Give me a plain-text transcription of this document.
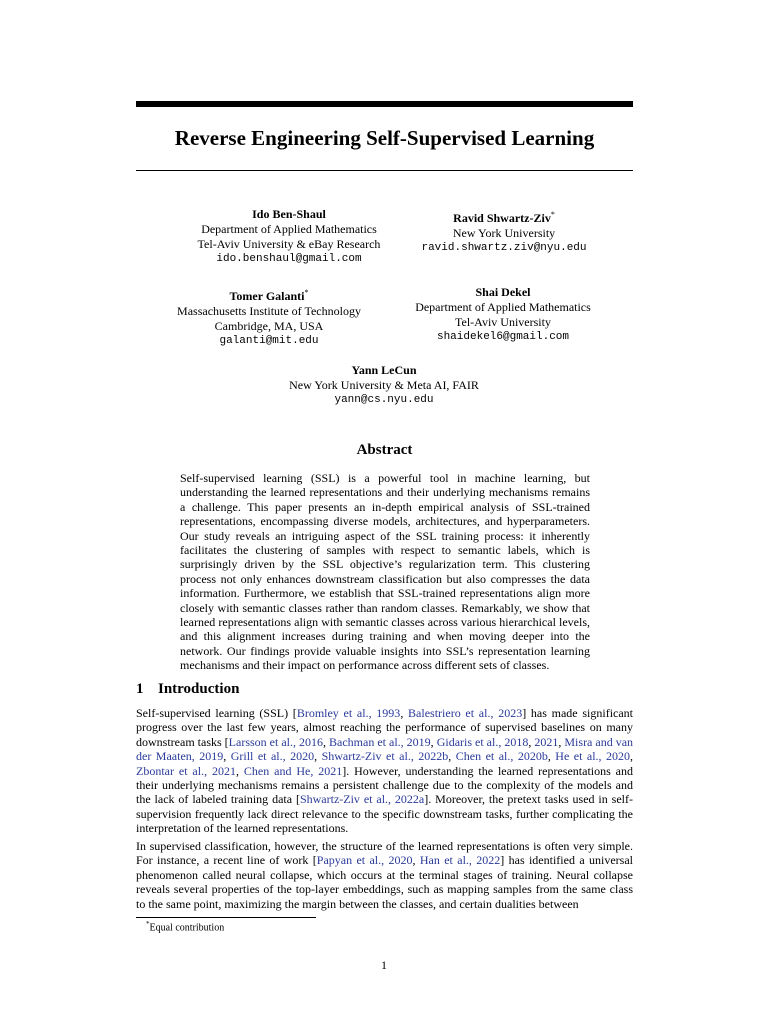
Reverse Engineering Self-Supervised Learning
Ido Ben-Shaul
Department of Applied Mathematics
Tel-Aviv University & eBay Research
ido.benshaul@gmail.com
Ravid Shwartz-Ziv*
New York University
ravid.shwartz.ziv@nyu.edu
Tomer Galanti*
Massachusetts Institute of Technology
Cambridge, MA, USA
galanti@mit.edu
Shai Dekel
Department of Applied Mathematics
Tel-Aviv University
shaidekel6@gmail.com
Yann LeCun
New York University & Meta AI, FAIR
yann@cs.nyu.edu
Abstract
Self-supervised learning (SSL) is a powerful tool in machine learning, but understanding the learned representations and their underlying mechanisms remains a challenge. This paper presents an in-depth empirical analysis of SSL-trained representations, encompassing diverse models, architectures, and hyperparameters. Our study reveals an intriguing aspect of the SSL training process: it inherently facilitates the clustering of samples with respect to semantic labels, which is surprisingly driven by the SSL objective’s regularization term. This clustering process not only enhances downstream classification but also compresses the data information. Furthermore, we establish that SSL-trained representations align more closely with semantic classes rather than random classes. Remarkably, we show that learned representations align with semantic classes across various hierarchical levels, and this alignment increases during training and when moving deeper into the network. Our findings provide valuable insights into SSL’s representation learning mechanisms and their impact on performance across different sets of classes.
1 Introduction
Self-supervised learning (SSL) [Bromley et al., 1993, Balestriero et al., 2023] has made significant progress over the last few years, almost reaching the performance of supervised baselines on many downstream tasks [Larsson et al., 2016, Bachman et al., 2019, Gidaris et al., 2018, 2021, Misra and van der Maaten, 2019, Grill et al., 2020, Shwartz-Ziv et al., 2022b, Chen et al., 2020b, He et al., 2020, Zbontar et al., 2021, Chen and He, 2021]. However, understanding the learned representations and their underlying mechanisms remains a persistent challenge due to the complexity of the models and the lack of labeled training data [Shwartz-Ziv et al., 2022a]. Moreover, the pretext tasks used in self-supervision frequently lack direct relevance to the specific downstream tasks, further complicating the interpretation of the learned representations.
In supervised classification, however, the structure of the learned representations is often very simple. For instance, a recent line of work [Papyan et al., 2020, Han et al., 2022] has identified a universal phenomenon called neural collapse, which occurs at the terminal stages of training. Neural collapse reveals several properties of the top-layer embeddings, such as mapping samples from the same class to the same point, maximizing the margin between the classes, and certain dualities between
*Equal contribution
1
